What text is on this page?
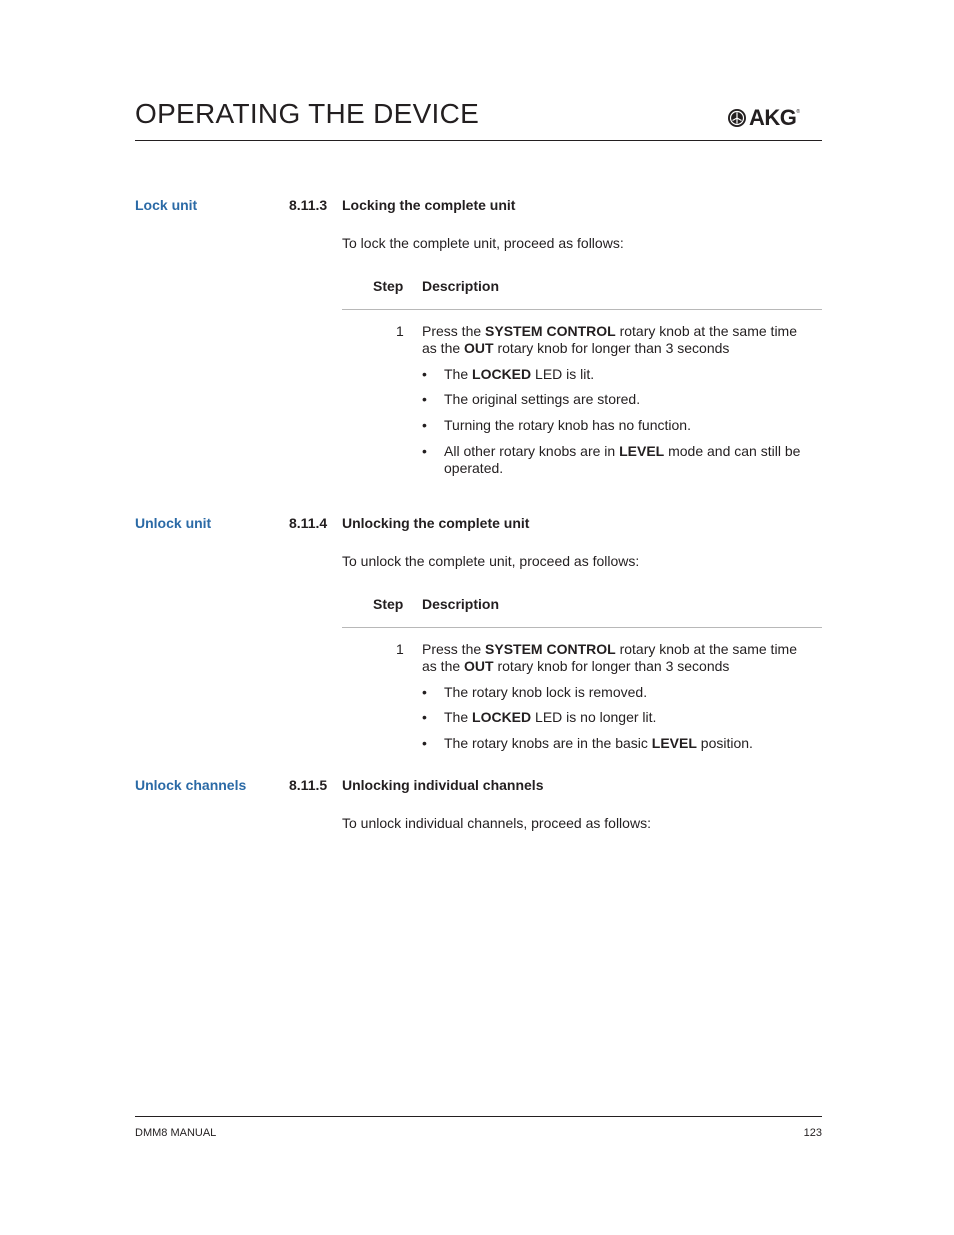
OPERATING THE DEVICE	AKG ®
Lock unit	8.11.3 Locking the complete unit
To lock the complete unit, proceed as follows:
Step Description
1 Press the SYSTEM CONTROL rotary knob at the same time as the OUT rotary knob for longer than 3 seconds
• The LOCKED LED is lit.
• The original settings are stored.
• Turning the rotary knob has no function.
• All other rotary knobs are in LEVEL mode and can still be operated.
Unlock unit	8.11.4 Unlocking the complete unit
To unlock the complete unit, proceed as follows:
Step Description
1 Press the SYSTEM CONTROL rotary knob at the same time as the OUT rotary knob for longer than 3 seconds
• The rotary knob lock is removed.
• The LOCKED LED is no longer lit.
• The rotary knobs are in the basic LEVEL position.
Unlock channels	8.11.5 Unlocking individual channels
To unlock individual channels, proceed as follows:
DMM8 MANUAL	123
